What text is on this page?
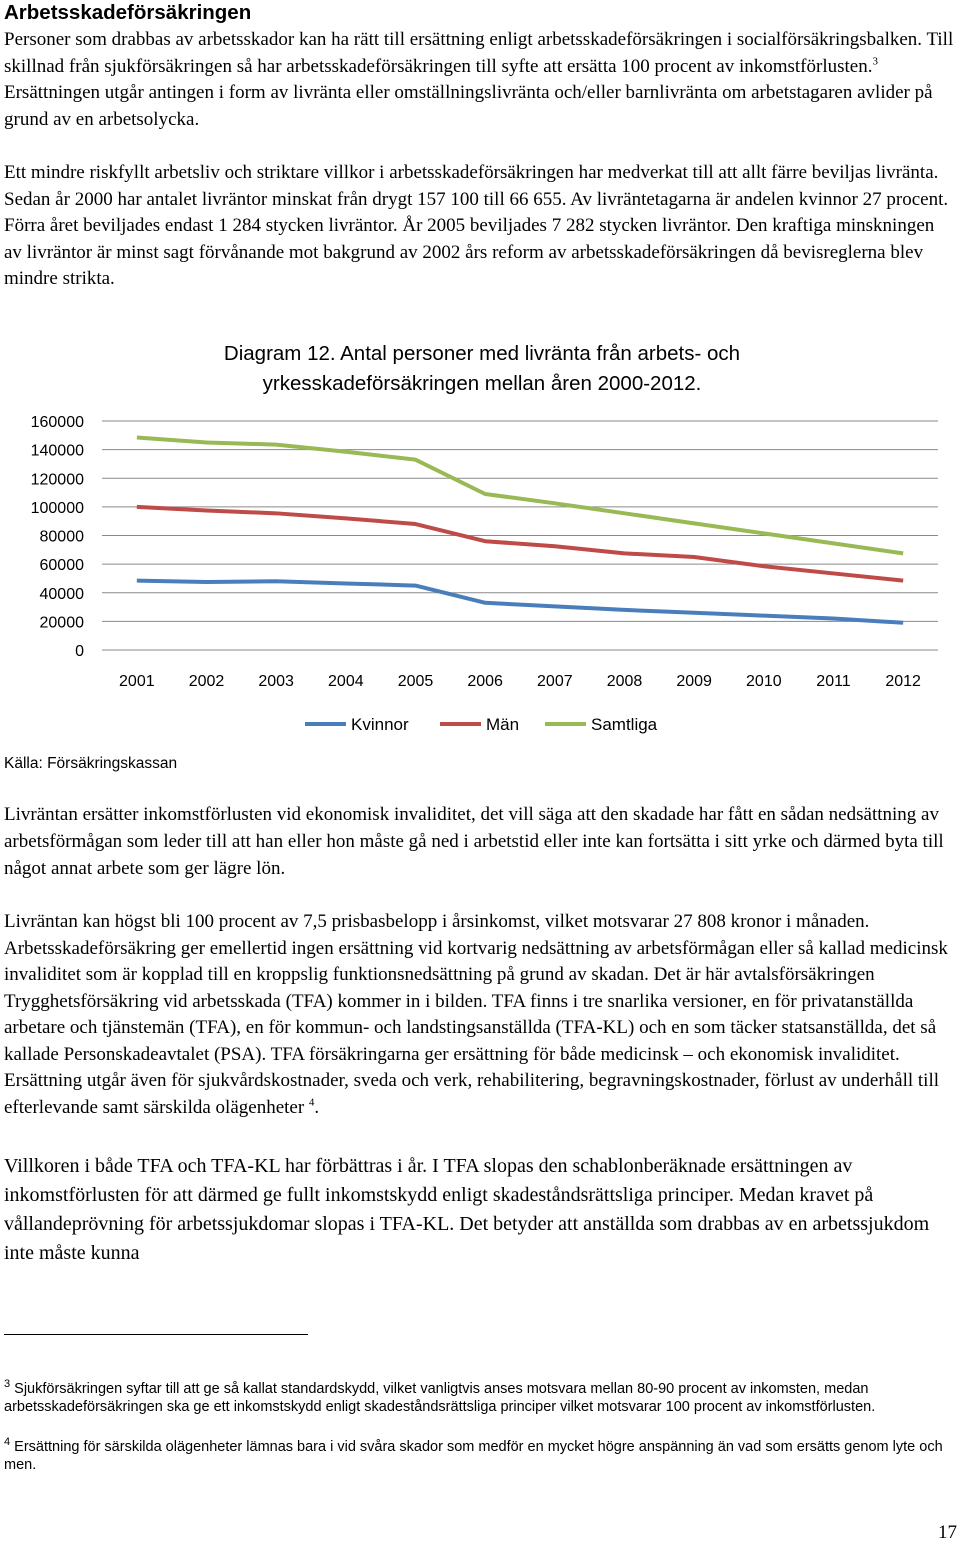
Arbetsskadeförsäkringen
Personer som drabbas av arbetsskador kan ha rätt till ersättning enligt arbetsskadeförsäkringen i socialförsäkringsbalken. Till skillnad från sjukförsäkringen så har arbetsskadeförsäkringen till syfte att ersätta 100 procent av inkomstförlusten.$^3$ Ersättningen utgår antingen i form av livränta eller omställningslivränta och/eller barnlivränta om arbetstagaren avlider på grund av en arbetsolycka.
Ett mindre riskfyllt arbetsliv och striktare villkor i arbetsskadeförsäkringen har medverkat till att allt färre beviljas livränta. Sedan år 2000 har antalet livräntor minskat från drygt 157 100 till 66 655. Av livräntetagarna är andelen kvinnor 27 procent. Förra året beviljades endast 1 284 stycken livräntor. År 2005 beviljades 7 282 stycken livräntor. Den kraftiga minskningen av livräntor är minst sagt förvånande mot bakgrund av 2002 års reform av arbetsskadeförsäkringen då bevisreglerna blev mindre strikta.
Diagram 12. Antal personer med livränta från arbets- och
yrkesskadeförsäkringen mellan åren 2000-2012.
0
20000
40000
60000
80000
100000
120000
140000
160000
2001 2002 2003 2004 2005 2006 2007 2008 2009 2010 2011 2012
Kvinnor	Män	Samtliga
Källa: Försäkringskassan
Livräntan ersätter inkomstförlusten vid ekonomisk invaliditet, det vill säga att den skadade har fått en sådan nedsättning av arbetsförmågan som leder till att han eller hon måste gå ned i arbetstid eller inte kan fortsätta i sitt yrke och därmed byta till något annat arbete som ger lägre lön.
Livräntan kan högst bli 100 procent av 7,5 prisbasbelopp i årsinkomst, vilket motsvarar 27 808 kronor i månaden. Arbetsskadeförsäkring ger emellertid ingen ersättning vid kortvarig nedsättning av arbetsförmågan eller så kallad medicinsk invaliditet som är kopplad till en kroppslig funktionsnedsättning på grund av skadan. Det är här avtalsförsäkringen Trygghetsförsäkring vid arbetsskada (TFA) kommer in i bilden. TFA finns i tre snarlika versioner, en för privatanställda arbetare och tjänstemän (TFA), en för kommun- och landstingsanställda (TFA-KL) och en som täcker statsanställda, det så kallade Personskadeavtalet (PSA). TFA försäkringarna ger ersättning för både medicinsk – och ekonomisk invaliditet. Ersättning utgår även för sjukvårdskostnader, sveda och verk, rehabilitering, begravningskostnader, förlust av underhåll till efterlevande samt särskilda olägenheter $^4$.
Villkoren i både TFA och TFA-KL har förbättras i år. I TFA slopas den schablonberäknade ersättningen av inkomstförlusten för att därmed ge fullt inkomstskydd enligt skadeståndsrättsliga principer. Medan kravet på vållandeprövning för arbetssjukdomar slopas i TFA-KL. Det betyder att anställda som drabbas av en arbetssjukdom inte måste kunna
$^3$ Sjukförsäkringen syftar till att ge så kallat standardskydd, vilket vanligtvis anses motsvara mellan 80-90 procent av inkomsten, medan arbetsskadeförsäkringen ska ge ett inkomstskydd enligt skadeståndsrättsliga principer vilket motsvarar 100 procent av inkomstförlusten.
$^4$ Ersättning för särskilda olägenheter lämnas bara i vid svåra skador som medför en mycket högre anspänning än vad som ersätts genom lyte och men.
17
